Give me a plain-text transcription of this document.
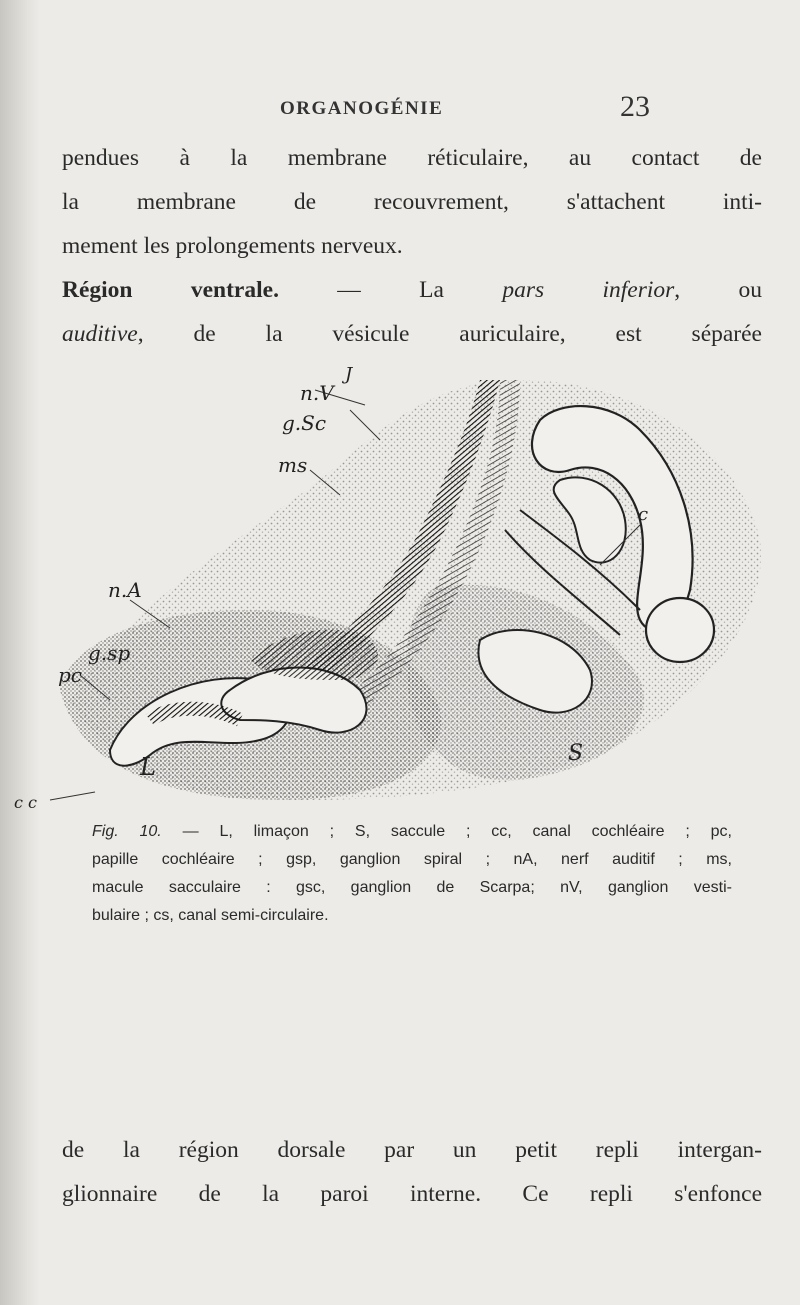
ORGANOGÉNIE	23
pendues à la membrane réticulaire, au contact de
la membrane de recouvrement, s'attachent inti-
mement les prolongements nerveux.
Région ventrale. — La pars inferior, ou
auditive, de la vésicule auriculaire, est séparée
J
n.V
g.Sc
ms
n.A
g.sp
pc
L	S
c
c c
Fig. 10. — L, limaçon ; S, saccule ; cc, canal cochléaire ; pc,
papille cochléaire ; gsp, ganglion spiral ; nA, nerf auditif ; ms,
macule sacculaire : gsc, ganglion de Scarpa; nV, ganglion vesti-
bulaire ; cs, canal semi-circulaire.
de la région dorsale par un petit repli intergan-
glionnaire de la paroi interne. Ce repli s'enfonce
